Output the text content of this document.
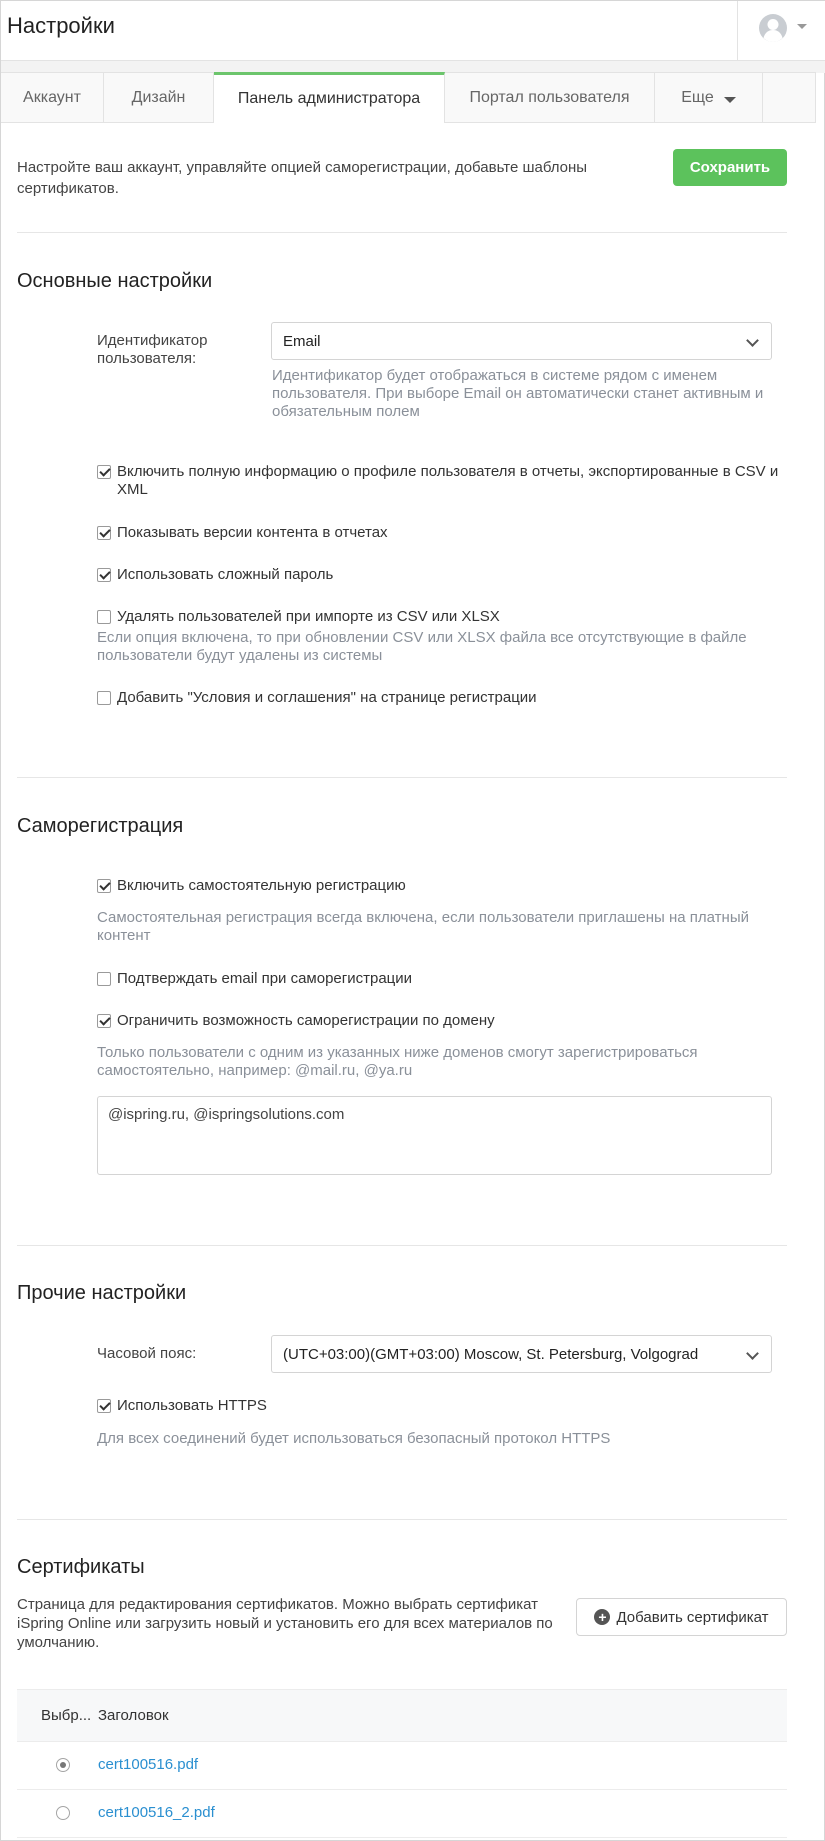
Настройки
Аккаунт	Дизайн	Панель администратора	Портал пользователя	Еще
Настройте ваш аккаунт, управляйте опцией саморегистрации, добавьте шаблоны сертификатов.
Сохранить
Основные настройки
Идентификатор пользователя:
Email
Идентификатор будет отображаться в системе рядом с именем пользователя. При выборе Email он автоматически станет активным и обязательным полем
Включить полную информацию о профиле пользователя в отчеты, экспортированные в CSV и XML
Показывать версии контента в отчетах
Использовать сложный пароль
Удалять пользователей при импорте из CSV или XLSX
Если опция включена, то при обновлении CSV или XLSX файла все отсутствующие в файле пользователи будут удалены из системы
Добавить "Условия и соглашения" на странице регистрации
Саморегистрация
Включить самостоятельную регистрацию
Самостоятельная регистрация всегда включена, если пользователи приглашены на платный контент
Подтверждать email при саморегистрации
Ограничить возможность саморегистрации по домену
Только пользователи с одним из указанных ниже доменов смогут зарегистрироваться самостоятельно, например: @mail.ru, @ya.ru
@ispring.ru, @ispringsolutions.com
Прочие настройки
Часовой пояс:	(UTC+03:00)(GMT+03:00) Moscow, St. Petersburg, Volgograd
Использовать HTTPS
Для всех соединений будет использоваться безопасный протокол HTTPS
Сертификаты
Страница для редактирования сертификатов. Можно выбрать сертификат iSpring Online или загрузить новый и установить его для всех материалов по умолчанию.
+ Добавить сертификат
Выбр... Заголовок
cert100516.pdf
cert100516_2.pdf
